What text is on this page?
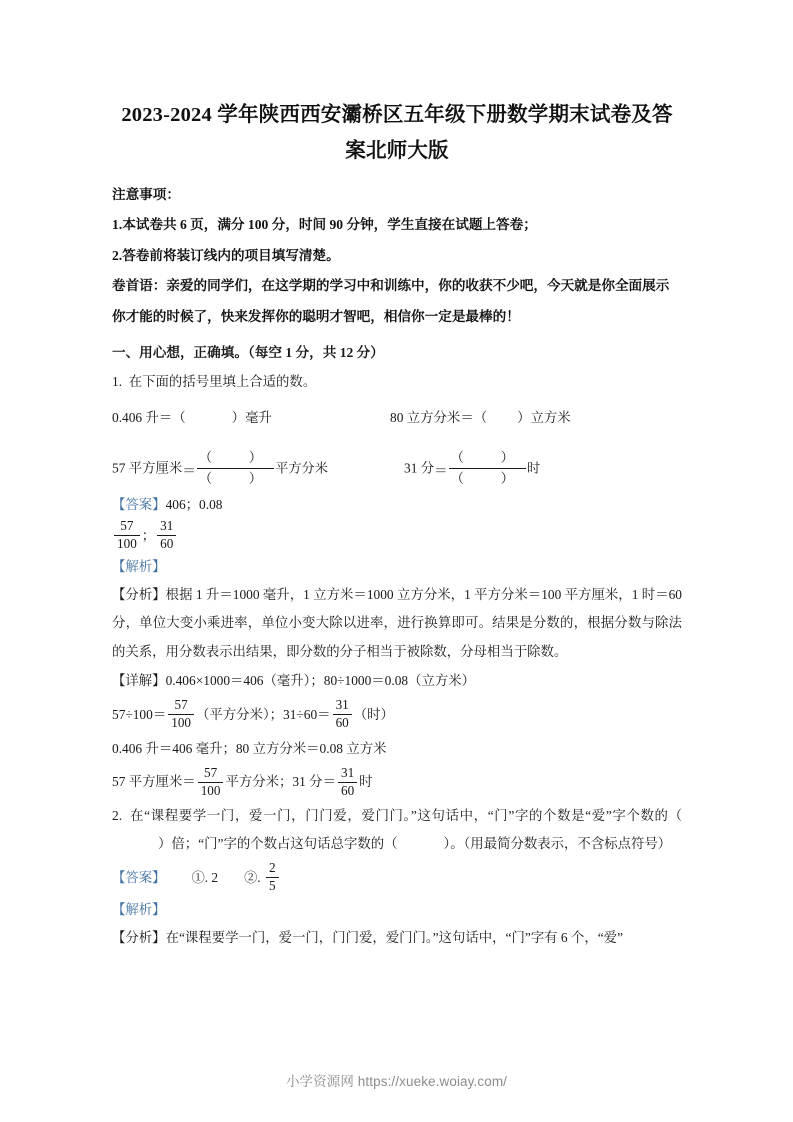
2023-2024 学年陕西西安灞桥区五年级下册数学期末试卷及答案北师大版

注意事项：

1.本试卷共 6 页，满分 100 分，时间 90 分钟，学生直接在试题上答卷；

2.答卷前将装订线内的项目填写清楚。

卷首语：亲爱的同学们，在这学期的学习中和训练中，你的收获不少吧，今天就是你全面展示你才能的时候了，快来发挥你的聪明才智吧，相信你一定是最棒的！

一、用心想，正确填。（每空 1 分，共 12 分）

1. 在下面的括号里填上合适的数。

0.406 升＝（	）毫升	80 立方分米＝（ ）立方米
57 平方厘米＝ $\frac{( )}{( )}$ 平方分米	31 分＝ $\frac{( )}{( )}$ 时

【答案】406；0.08

$\frac{57}{100}$ ； $\frac{31}{60}$

【解析】

【分析】根据 1 升＝1000 毫升，1 立方米＝1000 立方分米，1 平方分米＝100 平方厘米，1 时＝60 分，单位大变小乘进率，单位小变大除以进率，进行换算即可。结果是分数的，根据分数与除法的关系，用分数表示出结果，即分数的分子相当于被除数，分母相当于除数。

【详解】0.406×1000＝406（毫升）；80÷1000＝0.08（立方米）

$57\div 100= \frac{57}{100}$ （平方分米）；$31\div 60= \frac{31}{60}$ （时）

0.406 升＝406 毫升；80 立方分米＝0.08 立方米

57 平方厘米＝ $\frac{57}{100}$ 平方分米；31 分＝ $\frac{31}{60}$ 时

2. 在“课程要学一门，爱一门，门门爱，爱门门。”这句话中，“门”字的个数是“爱”字个数的（）倍；“门”字的个数占这句话总字数的（	）。（用最简分数表示，不含标点符号）

【答案】 ①. 2 ②. $\frac{2}{5}$

【解析】

【分析】在“课程要学一门，爱一门，门门爱，爱门门。”这句话中，“门”字有 6 个，“爱”

小学资源网 https://xueke.woiay.com/
